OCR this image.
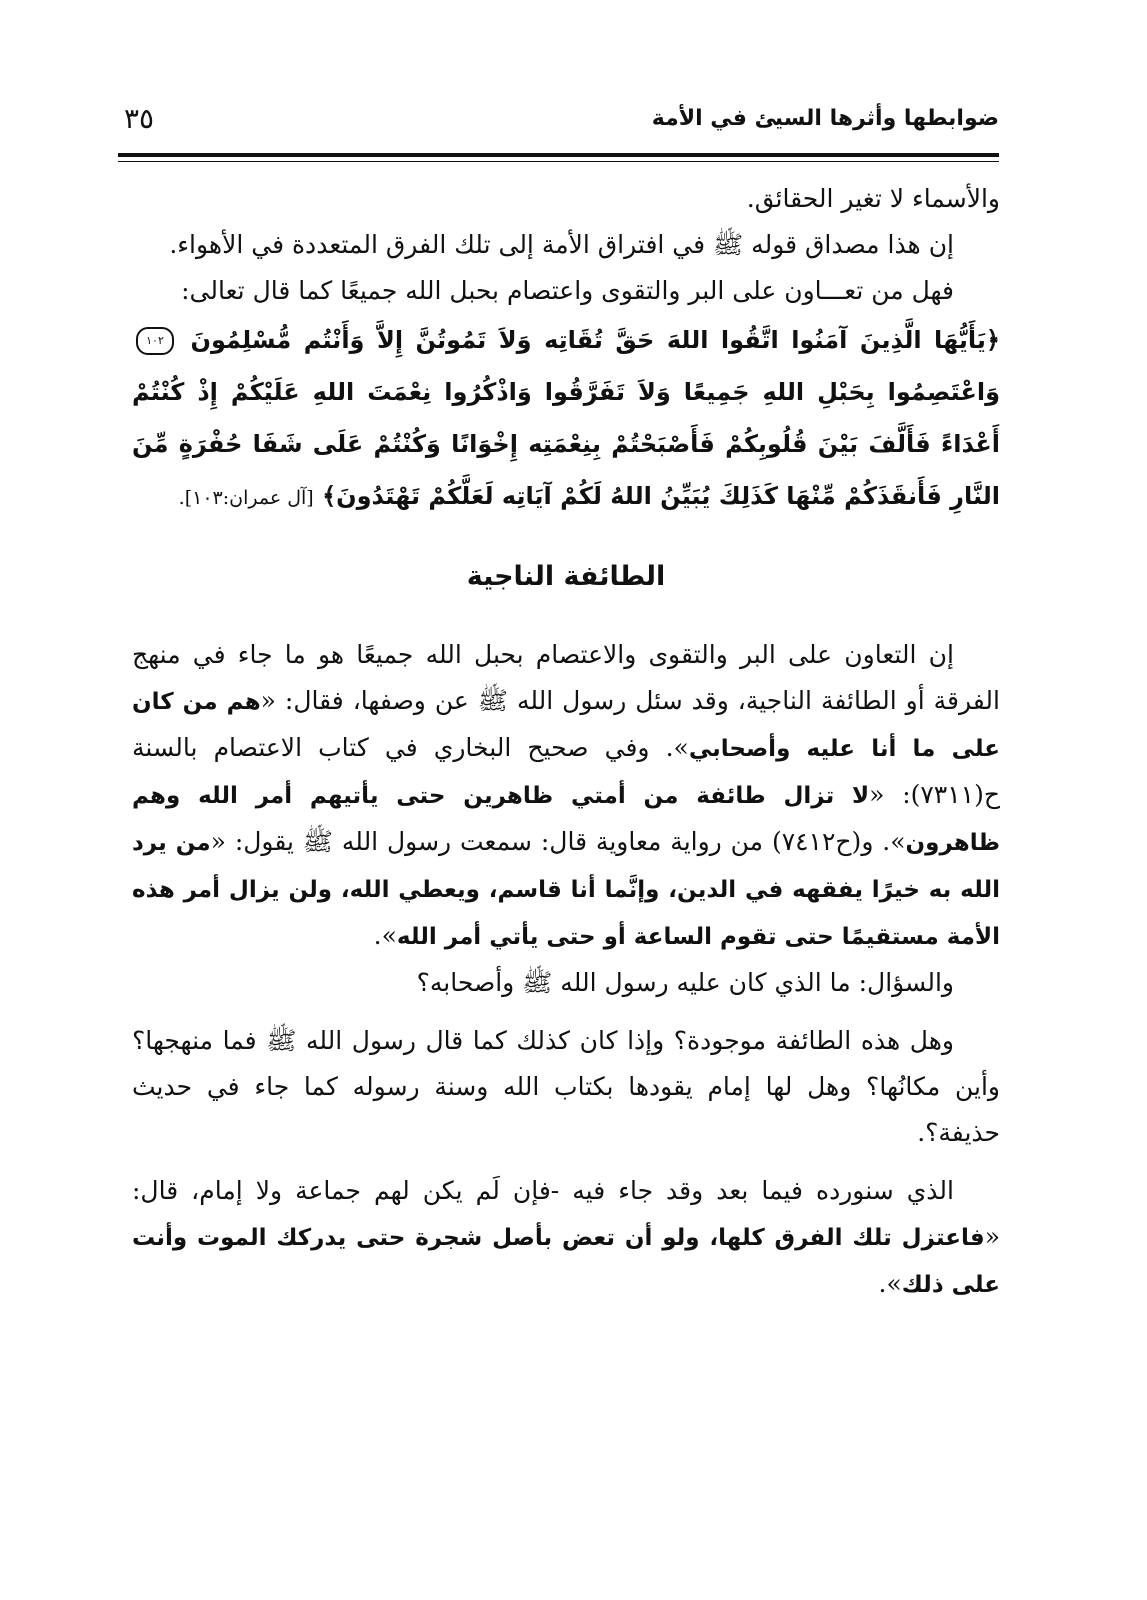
ضوابطها وأثرها السيئ في الأمة
٣٥

والأسماء لا تغير الحقائق.

إن هذا مصداق قوله ﷺ في افتراق الأمة إلى تلك الفرق المتعددة في الأهواء.

فهل من تعـــاون على البر والتقوى واعتصام بحبل الله جميعًا كما قال تعالى:

﴿يَأَيُّهَا الَّذِينَ آمَنُوا اتَّقُوا اللهَ حَقَّ تُقَاتِه وَلاَ تَمُوتُنَّ إِلاَّ وَأَنْتُم مُّسْلِمُونَ ١٠٢ وَاعْتَصِمُوا بِحَبْلِ اللهِ جَمِيعًا وَلاَ تَفَرَّقُوا وَاذْكُرُوا نِعْمَتَ اللهِ عَلَيْكُمْ إِذْ كُنْتُمْ أَعْدَاءً فَأَلَّفَ بَيْنَ قُلُوبِكُمْ فَأَصْبَحْتُمْ بِنِعْمَتِه إِخْوَانًا وَكُنْتُمْ عَلَى شَفَا حُفْرَةٍ مِّنَ النَّارِ فَأَنقَذَكُمْ مِّنْهَا كَذَلِكَ يُبَيِّنُ اللهُ لَكُمْ آيَاتِه لَعَلَّكُمْ تَهْتَدُونَ﴾ [آل عمران:١٠٣].

الطائفة الناجية

إن التعاون على البر والتقوى والاعتصام بحبل الله جميعًا هو ما جاء في منهج الفرقة أو الطائفة الناجية، وقد سئل رسول الله ﷺ عن وصفها، فقال: «هم من كان على ما أنا عليه وأصحابي». وفي صحيح البخاري في كتاب الاعتصام بالسنة ح(٧٣١١): «لا تزال طائفة من أمتي ظاهرين حتى يأتيهم أمر الله وهم ظاهرون». و(ح٧٤١٢) من رواية معاوية قال: سمعت رسول الله ﷺ يقول: «من يرد الله به خيرًا يفقهه في الدين، وإنَّما أنا قاسم، ويعطي الله، ولن يزال أمر هذه الأمة مستقيمًا حتى تقوم الساعة أو حتى يأتي أمر الله».

والسؤال: ما الذي كان عليه رسول الله ﷺ وأصحابه؟

وهل هذه الطائفة موجودة؟ وإذا كان كذلك كما قال رسول الله ﷺ فما منهجها؟ وأين مكانُها؟ وهل لها إمام يقودها بكتاب الله وسنة رسوله كما جاء في حديث حذيفة؟.

الذي سنورده فيما بعد وقد جاء فيه -فإن لَم يكن لهم جماعة ولا إمام، قال: «فاعتزل تلك الفرق كلها، ولو أن تعض بأصل شجرة حتى يدركك الموت وأنت على ذلك».
